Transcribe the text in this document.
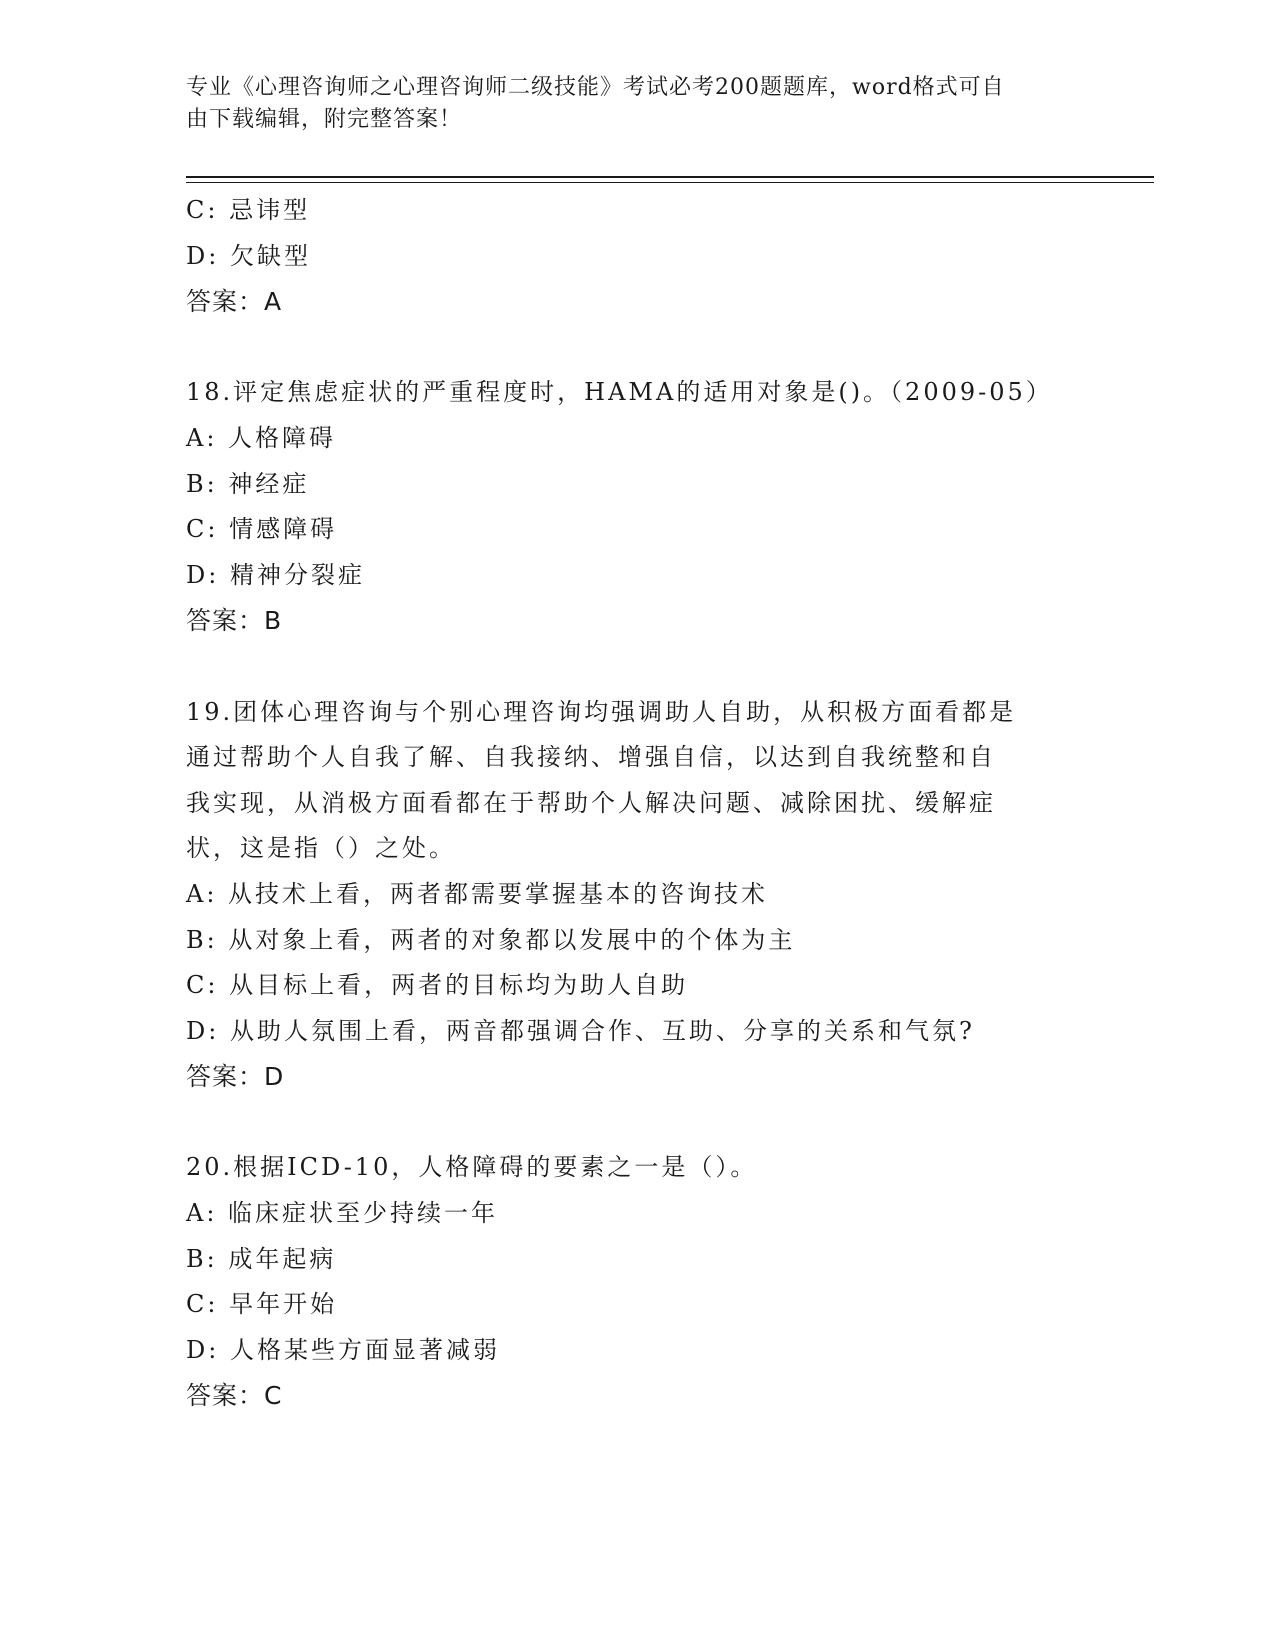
专业《心理咨询师之心理咨询师二级技能》考试必考200题题库，word格式可自
由下载编辑，附完整答案！
C: 忌讳型
D: 欠缺型
答案：A
18.评定焦虑症状的严重程度时，HAMA的适用对象是()。（2009-05）
A: 人格障碍
B: 神经症
C: 情感障碍
D: 精神分裂症
答案：B
19.团体心理咨询与个别心理咨询均强调助人自助，从积极方面看都是
通过帮助个人自我了解、自我接纳、增强自信，以达到自我统整和自
我实现，从消极方面看都在于帮助个人解决问题、减除困扰、缓解症
状，这是指（）之处。
A: 从技术上看，两者都需要掌握基本的咨询技术
B: 从对象上看，两者的对象都以发展中的个体为主
C: 从目标上看，两者的目标均为助人自助
D: 从助人氛围上看，两音都强调合作、互助、分享的关系和气氛?
答案：D
20.根据ICD-10，人格障碍的要素之一是（）。
A: 临床症状至少持续一年
B: 成年起病
C: 早年开始
D: 人格某些方面显著减弱
答案：C
